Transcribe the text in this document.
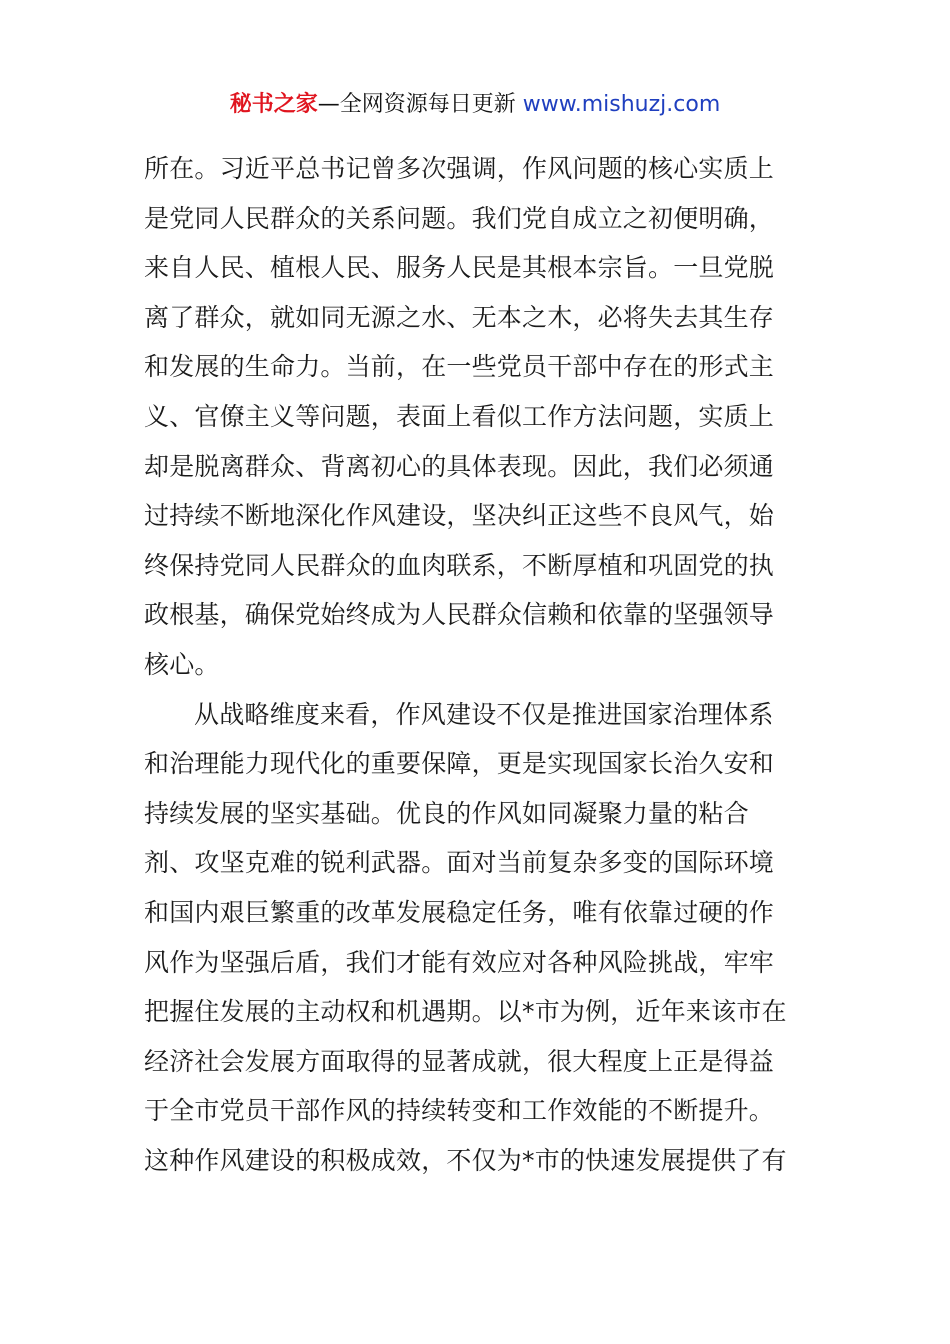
秘书之家—全网资源每日更新 www.mishuzj.com
所在。习近平总书记曾多次强调，作风问题的核心实质上
是党同人民群众的关系问题。我们党自成立之初便明确，
来自人民、植根人民、服务人民是其根本宗旨。一旦党脱
离了群众，就如同无源之水、无本之木，必将失去其生存
和发展的生命力。当前，在一些党员干部中存在的形式主
义、官僚主义等问题，表面上看似工作方法问题，实质上
却是脱离群众、背离初心的具体表现。因此，我们必须通
过持续不断地深化作风建设，坚决纠正这些不良风气，始
终保持党同人民群众的血肉联系，不断厚植和巩固党的执
政根基，确保党始终成为人民群众信赖和依靠的坚强领导
核心。
从战略维度来看，作风建设不仅是推进国家治理体系
和治理能力现代化的重要保障，更是实现国家长治久安和
持续发展的坚实基础。优良的作风如同凝聚力量的粘合
剂、攻坚克难的锐利武器。面对当前复杂多变的国际环境
和国内艰巨繁重的改革发展稳定任务，唯有依靠过硬的作
风作为坚强后盾，我们才能有效应对各种风险挑战，牢牢
把握住发展的主动权和机遇期。以*市为例，近年来该市在
经济社会发展方面取得的显著成就，很大程度上正是得益
于全市党员干部作风的持续转变和工作效能的不断提升。
这种作风建设的积极成效，不仅为*市的快速发展提供了有
